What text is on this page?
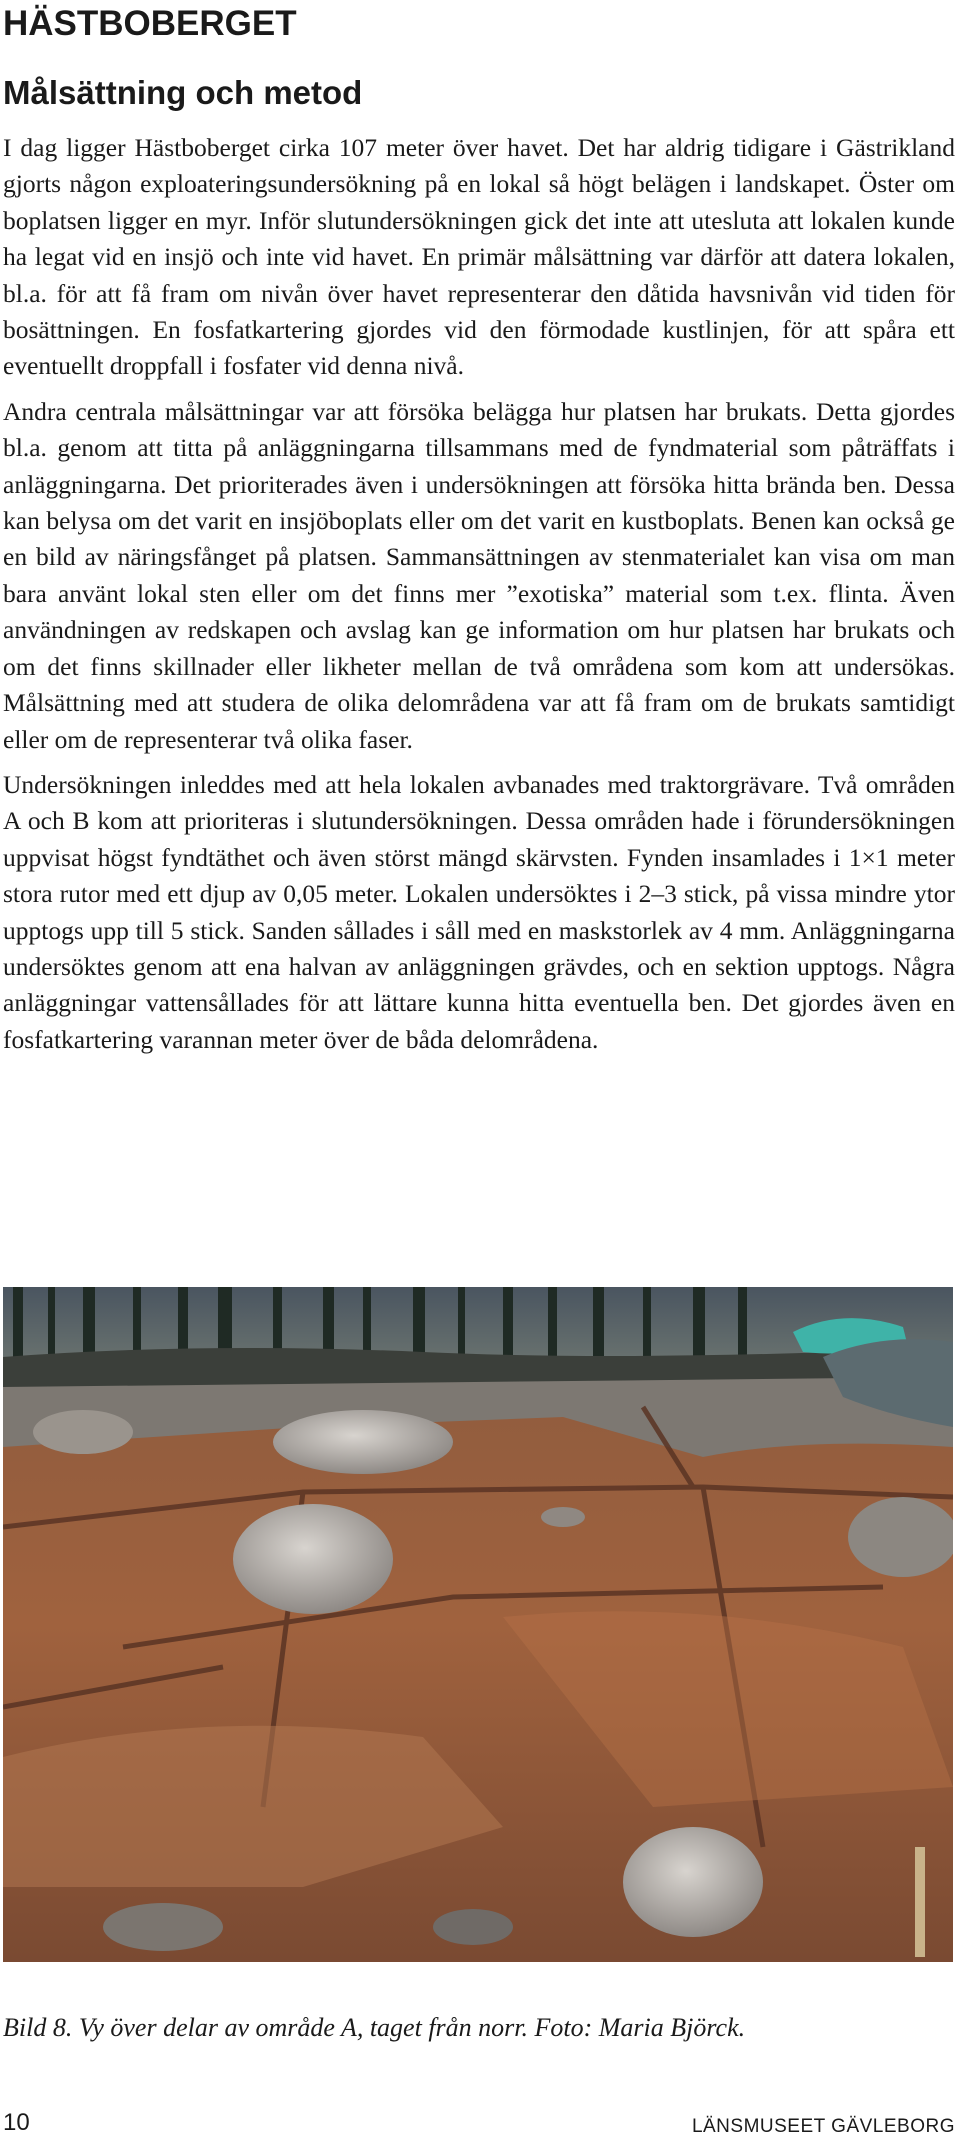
HÄSTBOBERGET
Målsättning och metod

I dag ligger Hästboberget cirka 107 meter över havet. Det har aldrig tidigare i Gästrikland gjorts någon exploateringsundersökning på en lokal så högt belägen i landskapet. Öster om boplatsen ligger en myr. Inför slutundersökningen gick det inte att utesluta att lokalen kunde ha legat vid en insjö och inte vid havet. En primär målsättning var därför att datera lokalen, bl.a. för att få fram om nivån över havet representerar den dåtida havsnivån vid tiden för bosättningen. En fosfatkartering gjordes vid den förmodade kustlinjen, för att spåra ett eventuellt droppfall i fosfater vid denna nivå.

Andra centrala målsättningar var att försöka belägga hur platsen har brukats. Detta gjordes bl.a. genom att titta på anläggningarna tillsammans med de fyndmaterial som påträffats i anläggningarna. Det prioriterades även i undersökningen att försöka hitta brända ben. Dessa kan belysa om det varit en insjöboplats eller om det varit en kustboplats. Benen kan också ge en bild av näringsfånget på platsen. Sammansättningen av stenmaterialet kan visa om man bara använt lokal sten eller om det finns mer ”exotiska” material som t.ex. flinta. Även användningen av redskapen och avslag kan ge information om hur platsen har brukats och om det finns skillnader eller likheter mellan de två områdena som kom att undersökas. Målsättning med att studera de olika delområdena var att få fram om de brukats samtidigt eller om de representerar två olika faser.

Undersökningen inleddes med att hela lokalen avbanades med traktorgrävare. Två områden A och B kom att prioriteras i slutundersökningen. Dessa områden hade i förundersökningen uppvisat högst fyndtäthet och även störst mängd skärvsten. Fynden insamlades i 1×1 meter stora rutor med ett djup av 0,05 meter. Lokalen undersöktes i 2–3 stick, på vissa mindre ytor upptogs upp till 5 stick. Sanden sållades i såll med en maskstorlek av 4 mm. Anläggningarna undersöktes genom att ena halvan av anläggningen grävdes, och en sektion upptogs. Några anläggningar vattensållades för att lättare kunna hitta eventuella ben. Det gjordes även en fosfatkartering varannan meter över de båda delområdena.

Bild 8. Vy över delar av område A, taget från norr. Foto: Maria Björck.

10	LÄNSMUSEET GÄVLEBORG
